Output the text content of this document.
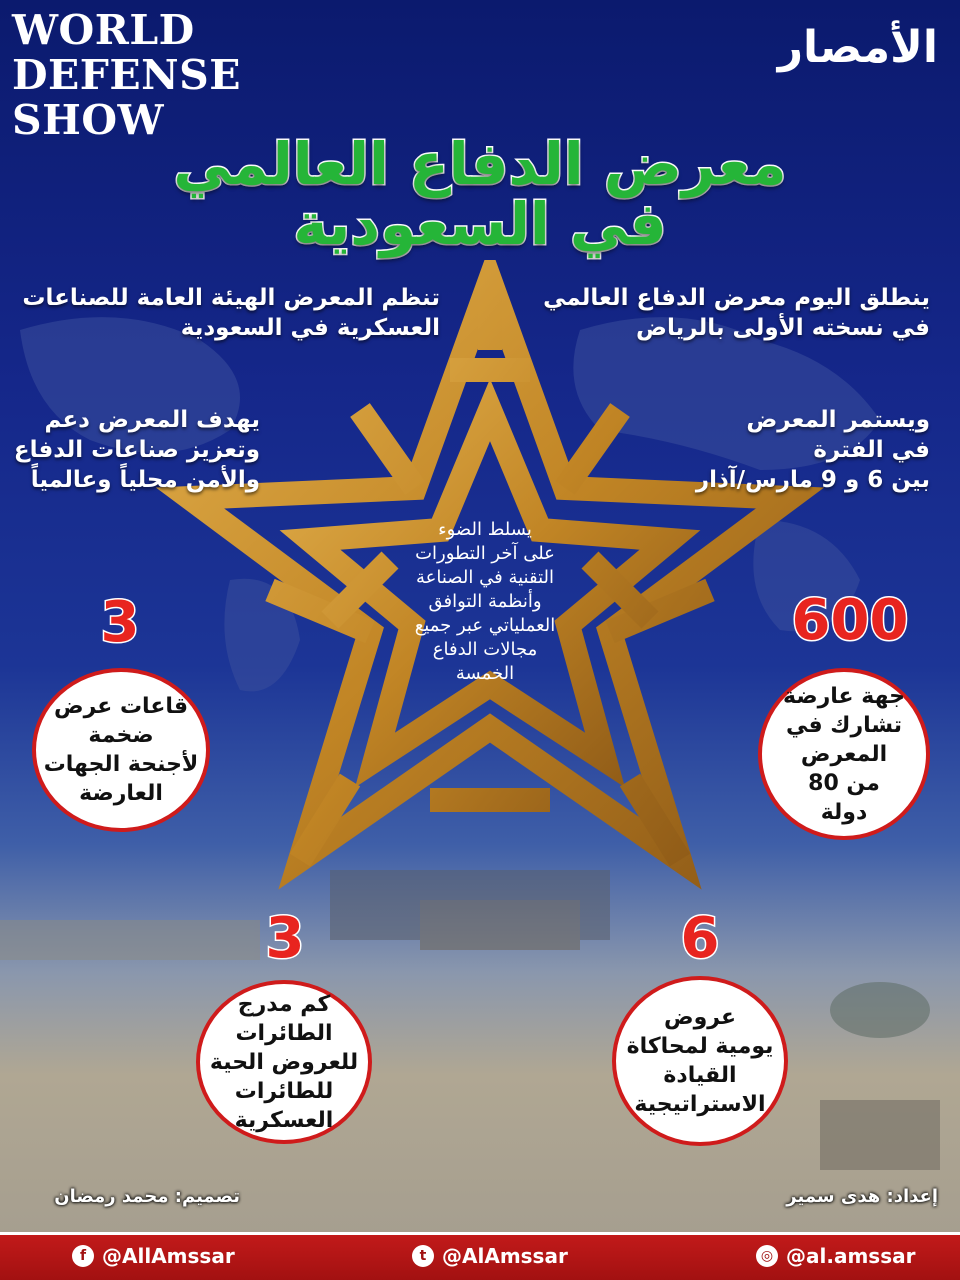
WORLD
DEFENSE
SHOW
الأمصار
معرض الدفاع العالمي
في السعودية
ينطلق اليوم معرض الدفاع العالمي
في نسخته الأولى بالرياض
تنظم المعرض الهيئة العامة للصناعات
العسكرية في السعودية
ويستمر المعرض
في الفترة
بين 6 و 9 مارس/آذار
يهدف المعرض دعم
وتعزيز صناعات الدفاع
والأمن محلياً وعالمياً
يسلط الضوء
على آخر التطورات
التقنية في الصناعة
وأنظمة التوافق
العملياتي عبر جميع
مجالات الدفاع
الخمسة
600
جهة عارضة
تشارك في
المعرض
من 80
دولة
3
قاعات عرض
ضخمة
لأجنحة الجهات
العارضة
3
كم مدرج
الطائرات
للعروض الحية
للطائرات
العسكرية
6
عروض
يومية لمحاكاة
القيادة
الاستراتيجية
تصميم: محمد رمضان	إعداد: هدى سمير
f @AllAmssar	t @AlAmssar	◎ @al.amssar
